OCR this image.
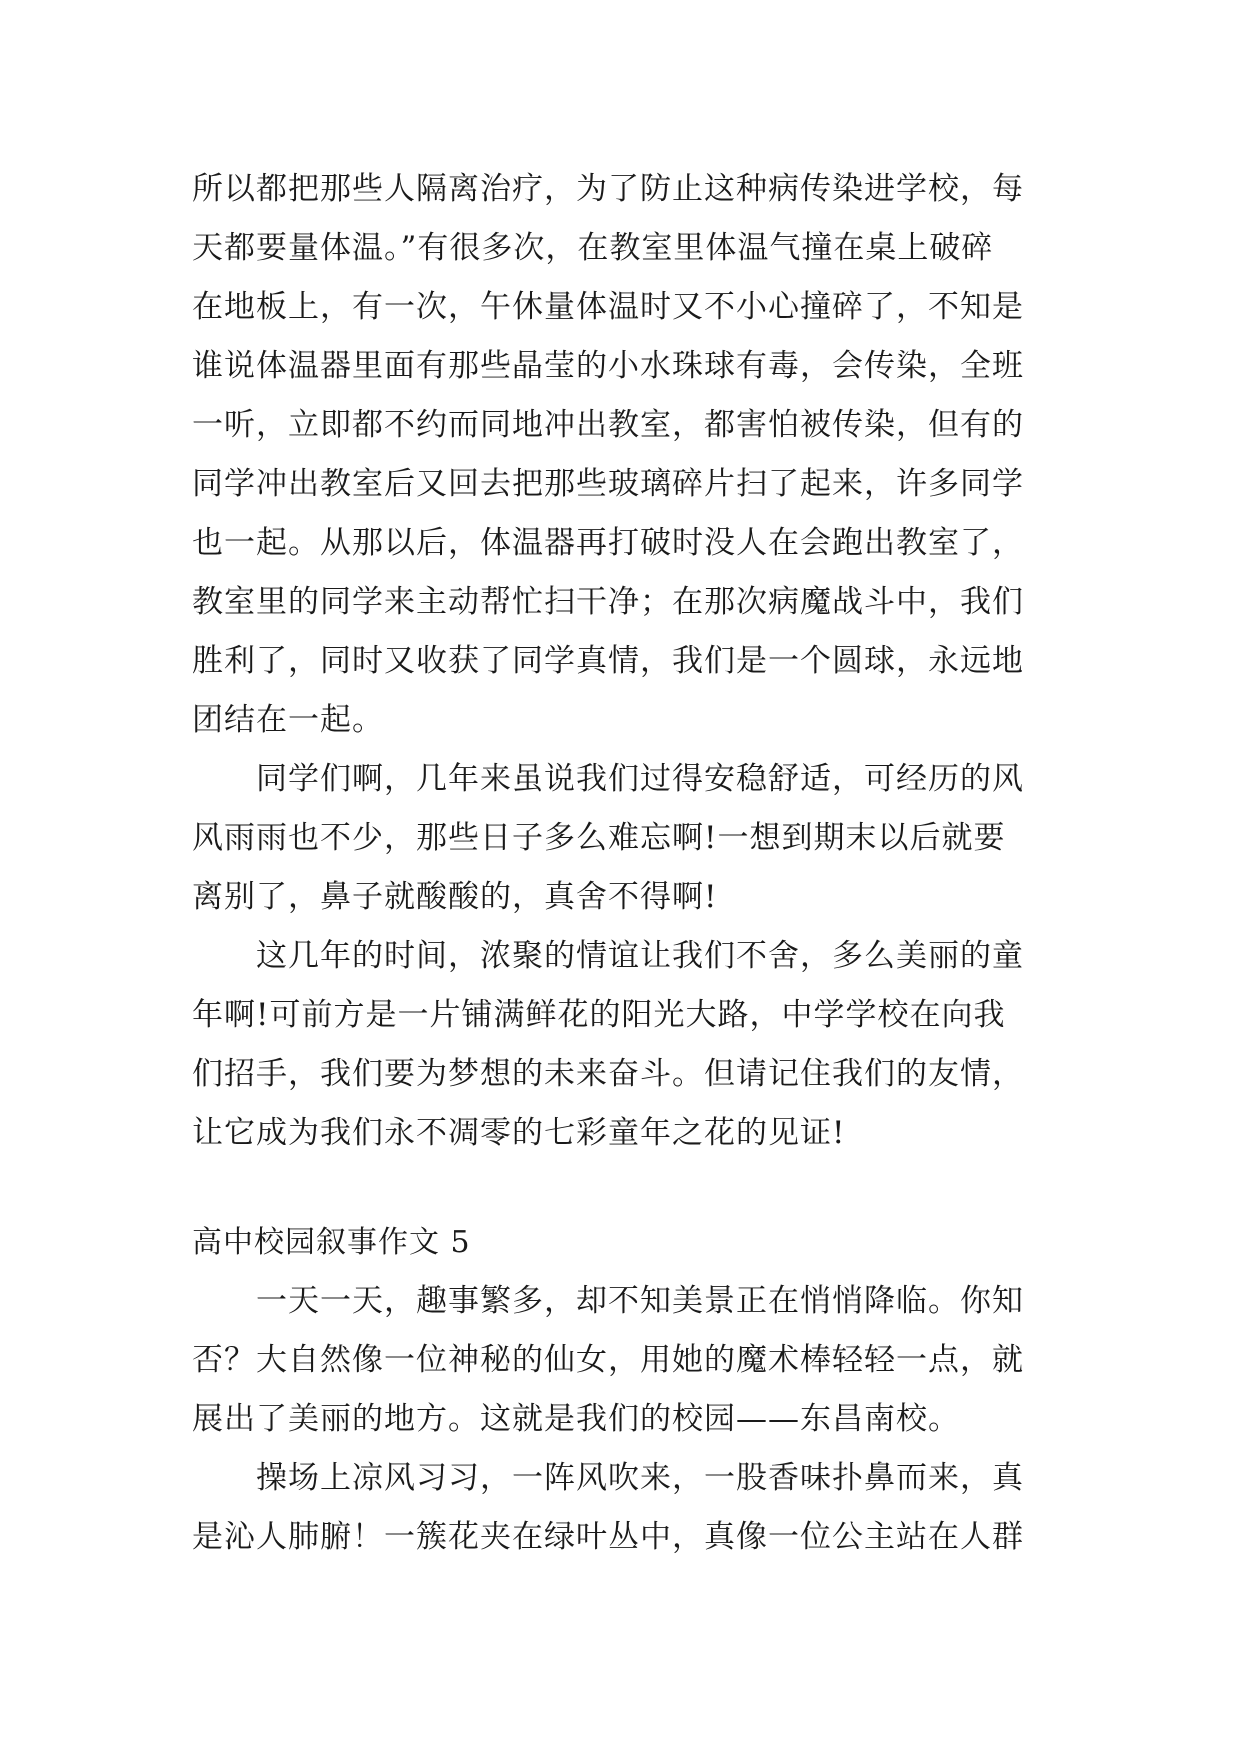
所以都把那些人隔离治疗，为了防止这种病传染进学校，每
天都要量体温。”有很多次，在教室里体温气撞在桌上破碎
在地板上，有一次，午休量体温时又不小心撞碎了，不知是
谁说体温器里面有那些晶莹的小水珠球有毒，会传染，全班
一听，立即都不约而同地冲出教室，都害怕被传染，但有的
同学冲出教室后又回去把那些玻璃碎片扫了起来，许多同学
也一起。从那以后，体温器再打破时没人在会跑出教室了，
教室里的同学来主动帮忙扫干净；在那次病魔战斗中，我们
胜利了，同时又收获了同学真情，我们是一个圆球，永远地
团结在一起。
同学们啊，几年来虽说我们过得安稳舒适，可经历的风
风雨雨也不少，那些日子多么难忘啊!一想到期末以后就要
离别了，鼻子就酸酸的，真舍不得啊!
这几年的时间，浓聚的情谊让我们不舍，多么美丽的童
年啊!可前方是一片铺满鲜花的阳光大路，中学学校在向我
们招手，我们要为梦想的未来奋斗。但请记住我们的友情，
让它成为我们永不凋零的七彩童年之花的见证!
高中校园叙事作文 5
一天一天，趣事繁多，却不知美景正在悄悄降临。你知
否？大自然像一位神秘的仙女，用她的魔术棒轻轻一点，就
展出了美丽的地方。这就是我们的校园——东昌南校。
操场上凉风习习，一阵风吹来，一股香味扑鼻而来，真
是沁人肺腑！一簇花夹在绿叶丛中，真像一位公主站在人群
